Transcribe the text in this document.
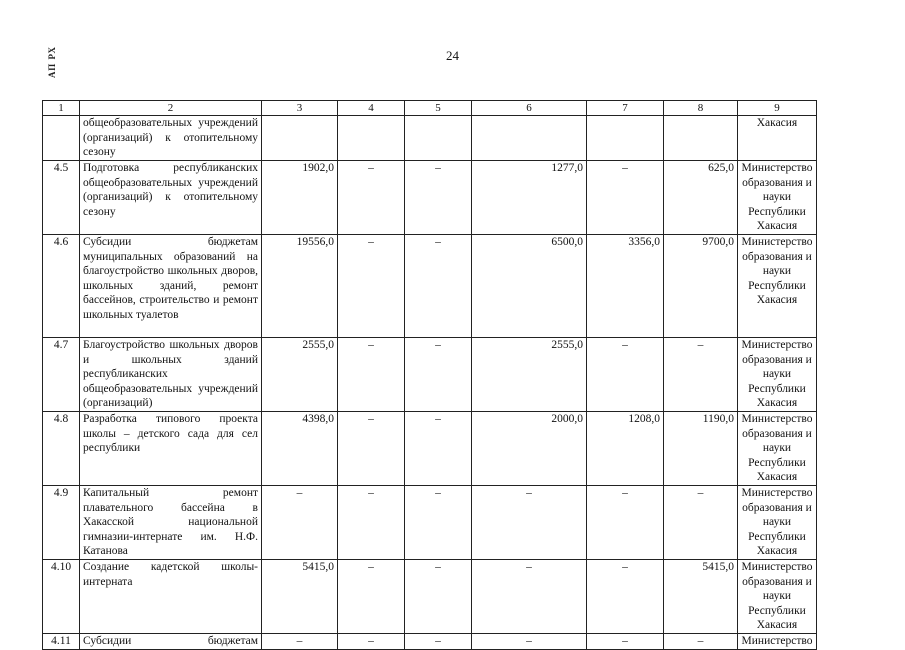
АП РХ	24
1	2	3	4	5	6	7	8	9
	общеобразовательных учреждений (организаций) к отопительному сезону							Хакасия
4.5	Подготовка республиканских общеобразовательных учреждений (организаций) к отопительному сезону	1902,0	–	–	1277,0	–	625,0	Министерство образования и науки Республики Хакасия
4.6	Субсидии бюджетам муниципальных образований на благоустройство школьных дворов, школьных зданий, ремонт бассейнов, строительство и ремонт школьных туалетов	19556,0	–	–	6500,0	3356,0	9700,0	Министерство образования и науки Республики Хакасия
4.7	Благоустройство школьных дворов и школьных зданий республиканских общеобразовательных учреждений (организаций)	2555,0	–	–	2555,0	–	–	Министерство образования и науки Республики Хакасия
4.8	Разработка типового проекта школы – детского сада для сел республики	4398,0	–	–	2000,0	1208,0	1190,0	Министерство образования и науки Республики Хакасия
4.9	Капитальный ремонт плавательного бассейна в Хакасской национальной гимназии-интернате им. Н.Ф. Катанова	–	–	–	–	–	–	Министерство образования и науки Республики Хакасия
4.10	Создание кадетской школы-интерната	5415,0	–	–	–	–	5415,0	Министерство образования и науки Республики Хакасия
4.11	Субсидии бюджетам	–	–	–	–	–	–	Министерство
